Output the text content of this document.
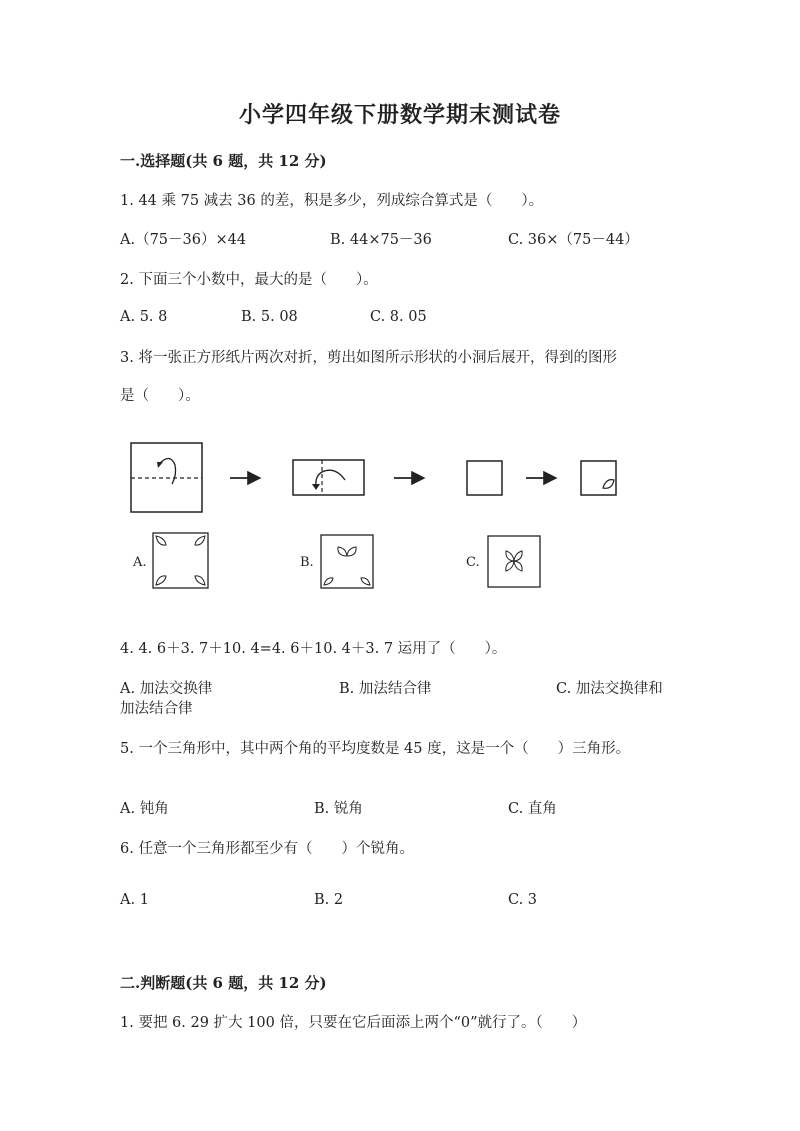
小学四年级下册数学期末测试卷
一.选择题(共 6 题，共 12 分)
1. 44 乘 75 减去 36 的差，积是多少，列成综合算式是（　　）。
A.（75－36）×44	B. 44×75－36	C. 36×（75－44）
2. 下面三个小数中，最大的是（　　）。
A. 5. 8	B. 5. 08	C. 8. 05
3. 将一张正方形纸片两次对折，剪出如图所示形状的小洞后展开，得到的图形
是（　　）。
A.	B.	C.
4. 4. 6＋3. 7＋10. 4=4. 6＋10. 4＋3. 7 运用了（　　）。
A. 加法交换律	B. 加法结合律	C. 加法交换律和
加法结合律
5. 一个三角形中，其中两个角的平均度数是 45 度，这是一个（　　）三角形。
A. 钝角	B. 锐角	C. 直角
6. 任意一个三角形都至少有（　　）个锐角。
A. 1	B. 2	C. 3
二.判断题(共 6 题，共 12 分)
1. 要把 6. 29 扩大 100 倍，只要在它后面添上两个“0”就行了。（　　）
